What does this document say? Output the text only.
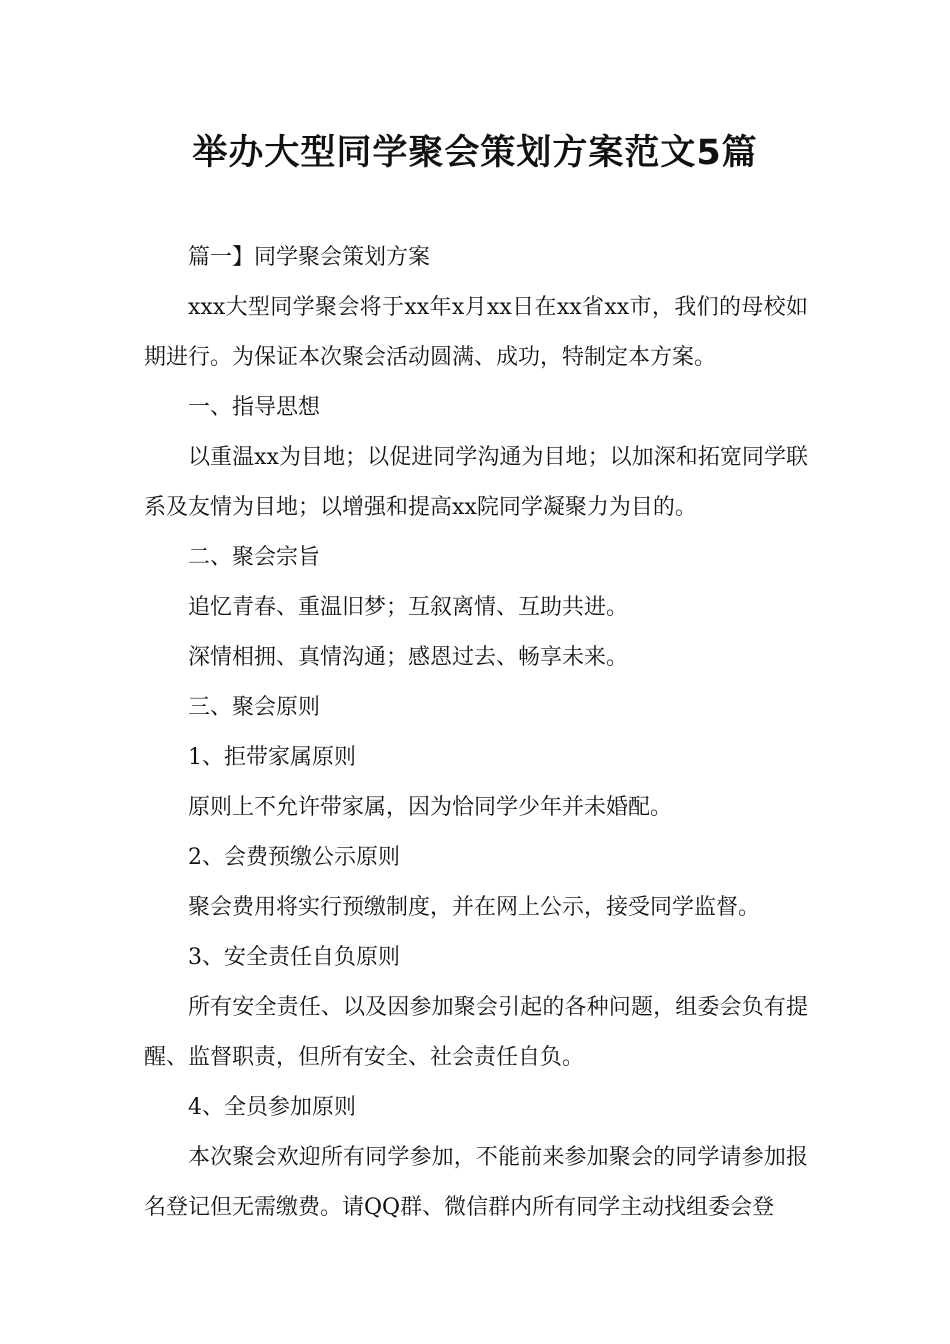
举办大型同学聚会策划方案范文5篇

篇一】同学聚会策划方案

xxx大型同学聚会将于xx年x月xx日在xx省xx市，我们的母校如期进行。为保证本次聚会活动圆满、成功，特制定本方案。

一、指导思想

以重温xx为目地；以促进同学沟通为目地；以加深和拓宽同学联系及友情为目地；以增强和提高xx院同学凝聚力为目的。

二、聚会宗旨

追忆青春、重温旧梦；互叙离情、互助共进。

深情相拥、真情沟通；感恩过去、畅享未来。

三、聚会原则

1、拒带家属原则

原则上不允许带家属，因为恰同学少年并未婚配。

2、会费预缴公示原则

聚会费用将实行预缴制度，并在网上公示，接受同学监督。

3、安全责任自负原则

所有安全责任、以及因参加聚会引起的各种问题，组委会负有提醒、监督职责，但所有安全、社会责任自负。

4、全员参加原则

本次聚会欢迎所有同学参加，不能前来参加聚会的同学请参加报名登记但无需缴费。请QQ群、微信群内所有同学主动找组委会登
